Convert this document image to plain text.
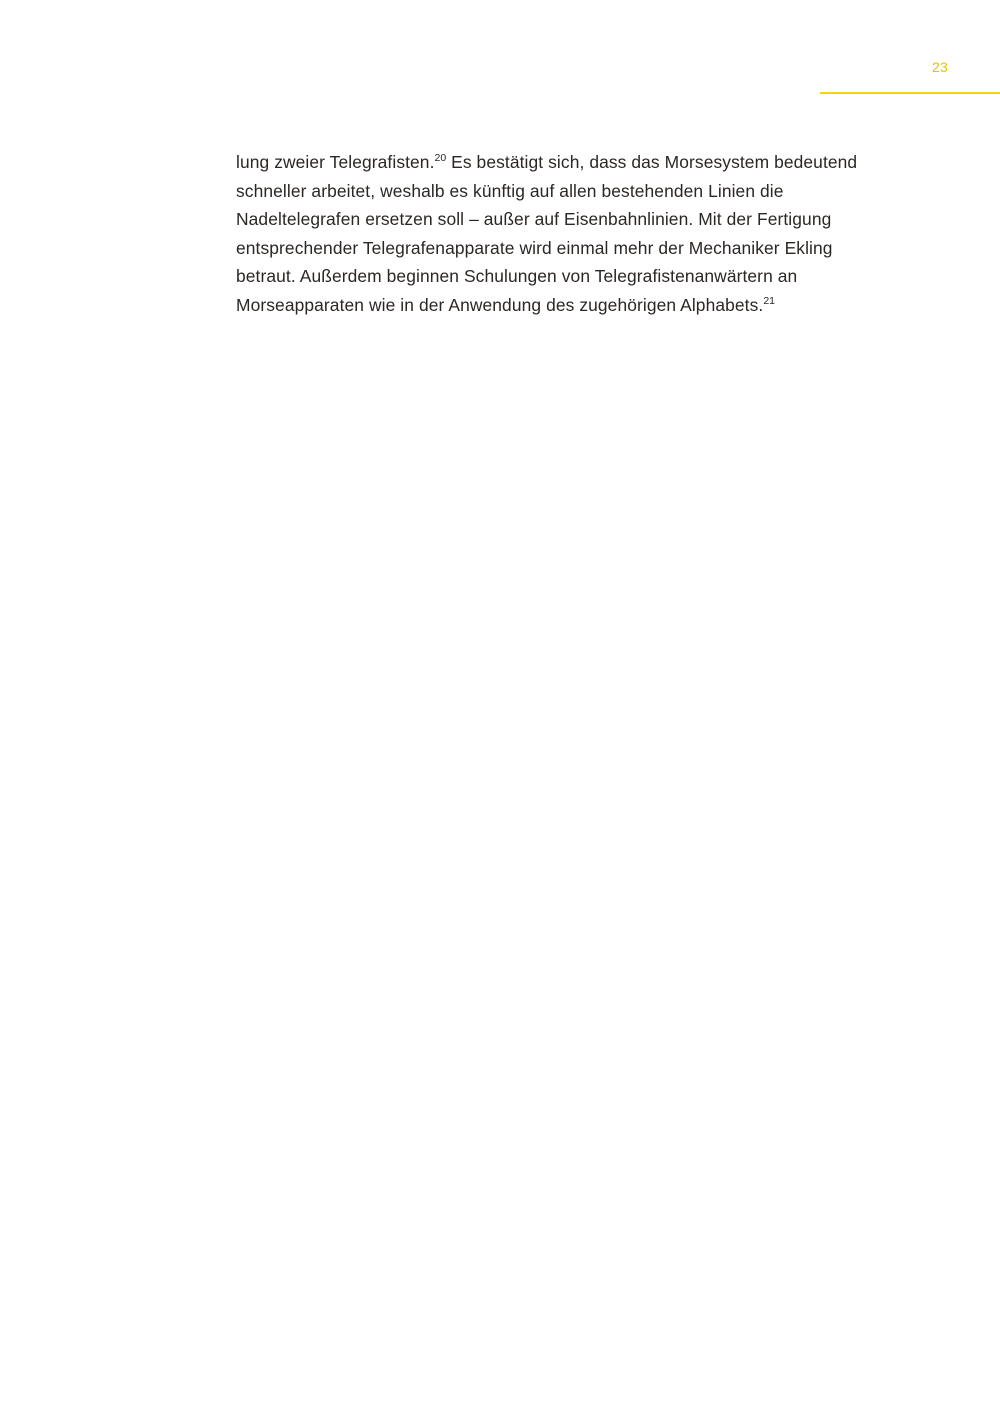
23

lung zweier Telegrafisten.$^{20}$ Es bestätigt sich, dass das Morsesystem bedeutend schneller arbeitet, weshalb es künftig auf allen bestehenden Linien die Nadeltelegrafen ersetzen soll – außer auf Eisenbahnlinien. Mit der Fertigung entsprechender Telegrafenapparate wird einmal mehr der Mechaniker Ekling betraut. Außerdem beginnen Schulungen von Telegrafistenanwärtern an Morseapparaten wie in der Anwendung des zugehörigen Alphabets.$^{21}$
